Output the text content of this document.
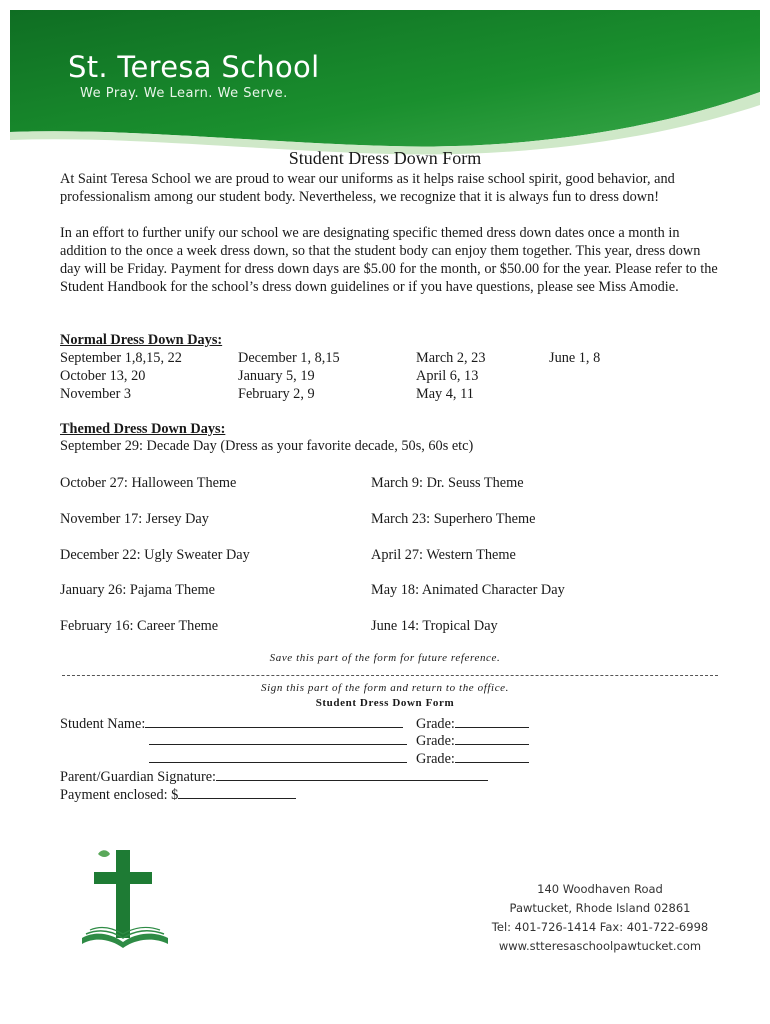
St. Teresa School
We Pray. We Learn. We Serve.
Student Dress Down Form
At Saint Teresa School we are proud to wear our uniforms as it helps raise school spirit, good behavior, and professionalism among our student body. Nevertheless, we recognize that it is always fun to dress down!
In an effort to further unify our school we are designating specific themed dress down dates once a month in addition to the once a week dress down, so that the student body can enjoy them together. This year, dress down day will be Friday. Payment for dress down days are $5.00 for the month, or $50.00 for the year. Please refer to the Student Handbook for the school’s dress down guidelines or if you have questions, please see Miss Amodie.
Normal Dress Down Days:
September 1,8,15, 22
October 13, 20
November 3
December 1, 8,15
January 5, 19
February 2, 9
March 2, 23
April 6, 13
May 4, 11
June 1, 8
Themed Dress Down Days:
September 29: Decade Day (Dress as your favorite decade, 50s, 60s etc)
October 27: Halloween Theme
November 17: Jersey Day
December 22: Ugly Sweater Day
January 26: Pajama Theme
February 16: Career Theme
March 9: Dr. Seuss Theme
March 23: Superhero Theme
April 27: Western Theme
May 18: Animated Character Day
June 14: Tropical Day
Save this part of the form for future reference.
Sign this part of the form and return to the office.
Student Dress Down Form
Student Name:	Grade:
Grade:
Grade:
Parent/Guardian Signature:
Payment enclosed: $
140 Woodhaven Road
Pawtucket, Rhode Island 02861
Tel: 401-726-1414 Fax: 401-722-6998
www.stteresaschoolpawtucket.com
